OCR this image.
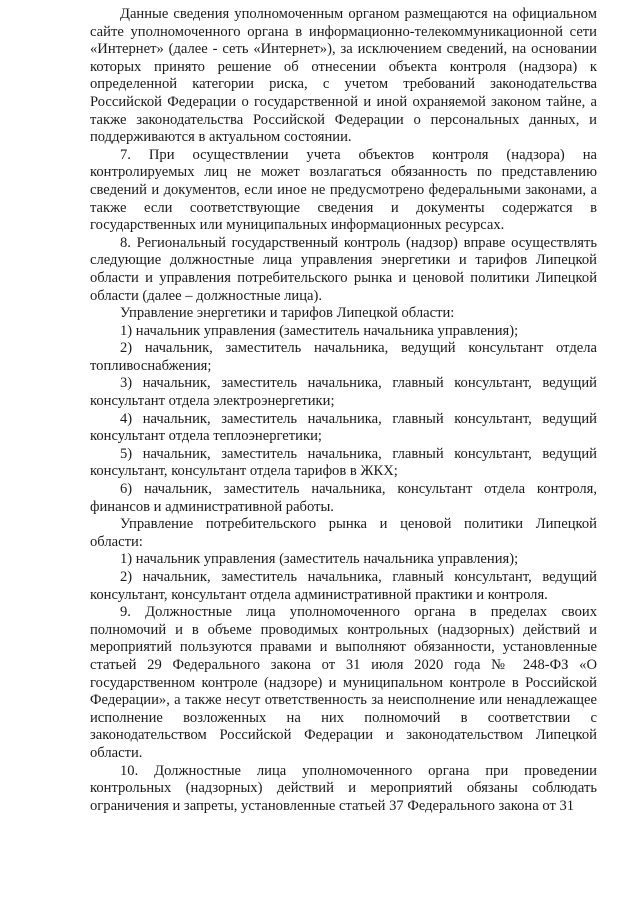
Данные сведения уполномоченным органом размещаются на официальном сайте уполномоченного органа в информационно-телекоммуникационной сети «Интернет» (далее - сеть «Интернет»), за исключением сведений, на основании которых принято решение об отнесении объекта контроля (надзора) к определенной категории риска, с учетом требований законодательства Российской Федерации о государственной и иной охраняемой законом тайне, а также законодательства Российской Федерации о персональных данных, и поддерживаются в актуальном состоянии.

7. При осуществлении учета объектов контроля (надзора) на контролируемых лиц не может возлагаться обязанность по представлению сведений и документов, если иное не предусмотрено федеральными законами, а также если соответствующие сведения и документы содержатся в государственных или муниципальных информационных ресурсах.

8. Региональный государственный контроль (надзор) вправе осуществлять следующие должностные лица управления энергетики и тарифов Липецкой области и управления потребительского рынка и ценовой политики Липецкой области (далее – должностные лица).

Управление энергетики и тарифов Липецкой области:

1) начальник управления (заместитель начальника управления);

2) начальник, заместитель начальника, ведущий консультант отдела топливоснабжения;

3) начальник, заместитель начальника, главный консультант, ведущий консультант отдела электроэнергетики;

4) начальник, заместитель начальника, главный консультант, ведущий консультант отдела теплоэнергетики;

5) начальник, заместитель начальника, главный консультант, ведущий консультант, консультант отдела тарифов в ЖКХ;

6) начальник, заместитель начальника, консультант отдела контроля, финансов и административной работы.

Управление потребительского рынка и ценовой политики Липецкой области:

1) начальник управления (заместитель начальника управления);

2) начальник, заместитель начальника, главный консультант, ведущий консультант, консультант отдела административной практики и контроля.

9. Должностные лица уполномоченного органа в пределах своих полномочий и в объеме проводимых контрольных (надзорных) действий и мероприятий пользуются правами и выполняют обязанности, установленные статьей 29 Федерального закона от 31 июля 2020 года № 248-ФЗ «О государственном контроле (надзоре) и муниципальном контроле в Российской Федерации», а также несут ответственность за неисполнение или ненадлежащее исполнение возложенных на них полномочий в соответствии с законодательством Российской Федерации и законодательством Липецкой области.

10. Должностные лица уполномоченного органа при проведении контрольных (надзорных) действий и мероприятий обязаны соблюдать ограничения и запреты, установленные статьей 37 Федерального закона от 31
